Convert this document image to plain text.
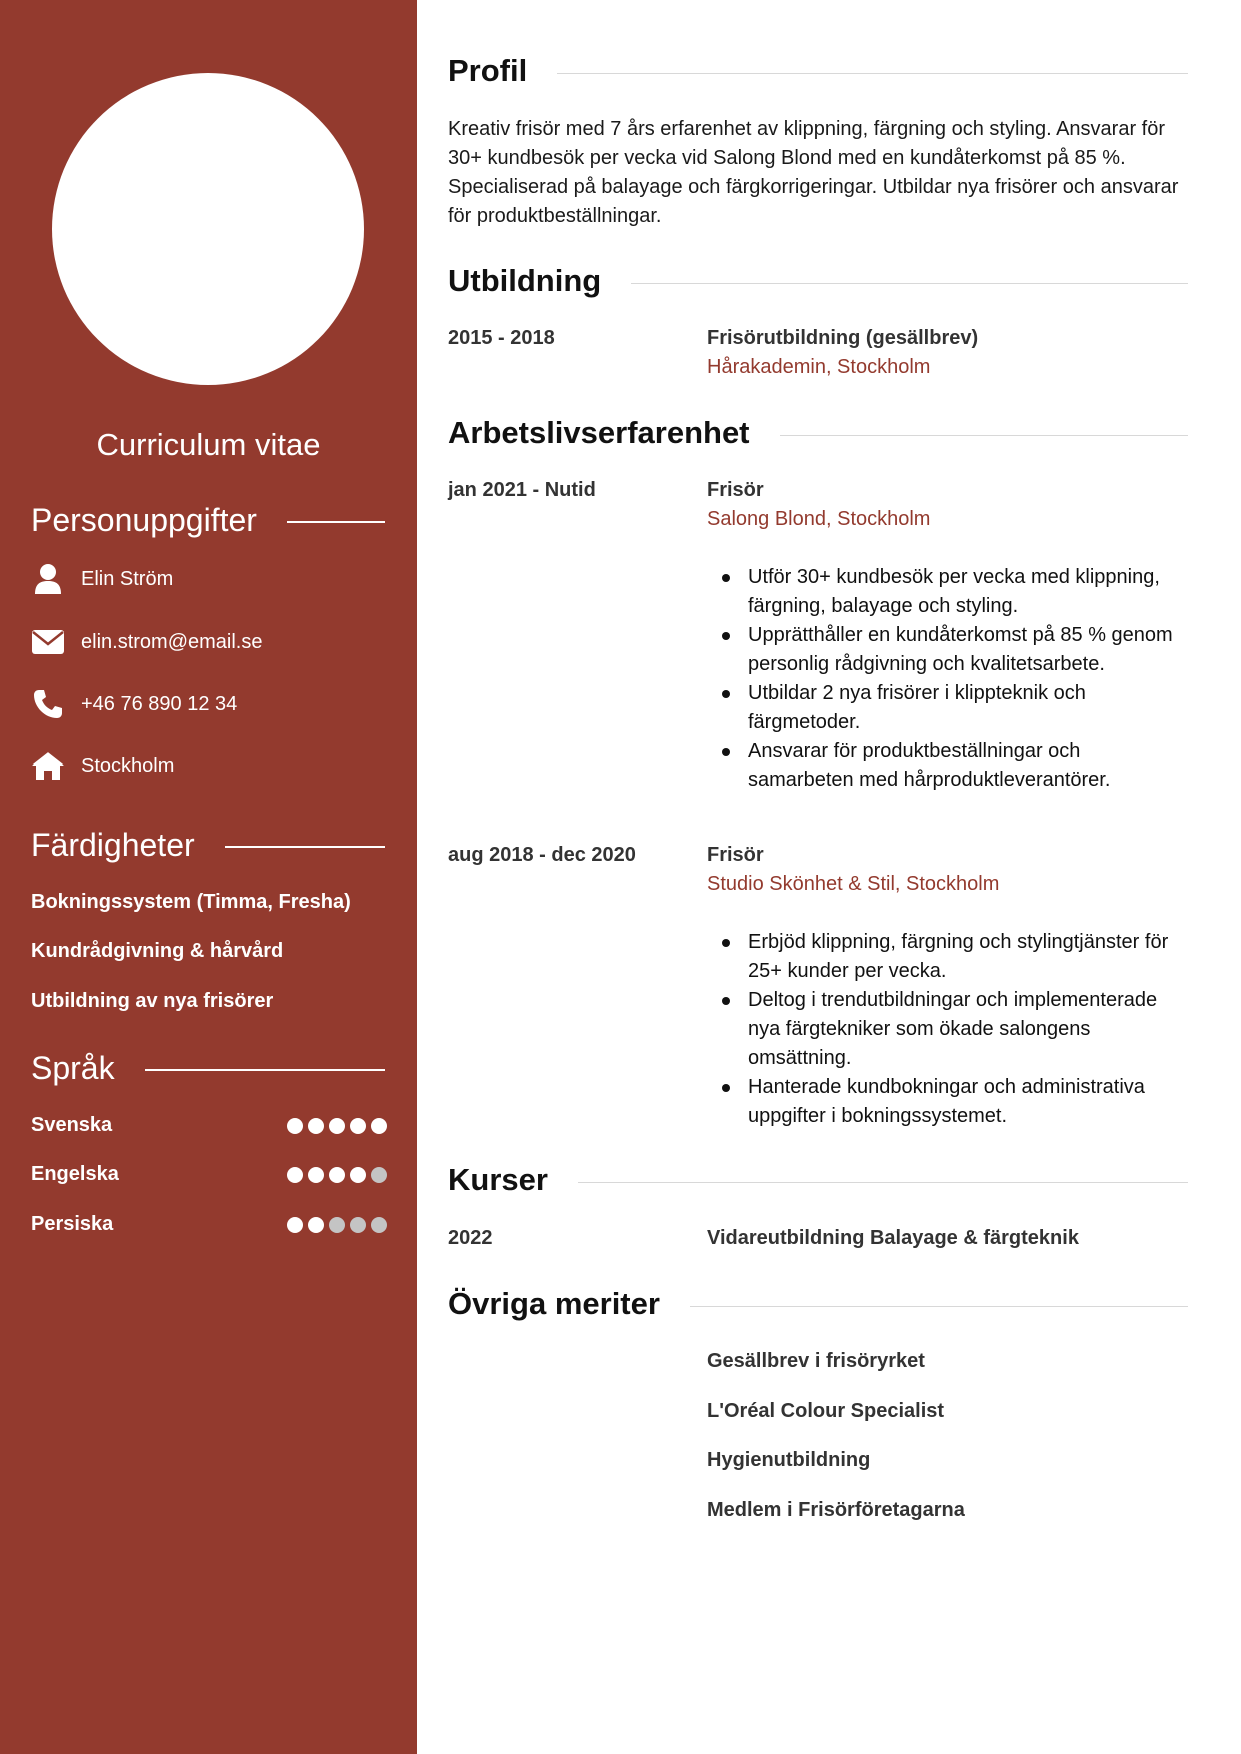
Curriculum vitae
Personuppgifter
Elin Ström
elin.strom@email.se
+46 76 890 12 34
Stockholm
Färdigheter
Bokningssystem (Timma, Fresha)
Kundrådgivning & hårvård
Utbildning av nya frisörer
Språk
Svenska
Engelska
Persiska
Profil

Kreativ frisör med 7 års erfarenhet av klippning, färgning och styling. Ansvarar för 30+ kundbesök per vecka vid Salong Blond med en kundåterkomst på 85 %. Specialiserad på balayage och färgkorrigeringar. Utbildar nya frisörer och ansvarar för produktbeställningar.

Utbildning
2015 - 2018	Frisörutbildning (gesällbrev)
Hårakademin, Stockholm
Arbetslivserfarenhet
jan 2021 - Nutid	Frisör
Salong Blond, Stockholm
Utför 30+ kundbesök per vecka med klippning, färgning, balayage och styling.
Upprätthåller en kundåterkomst på 85 % genom personlig rådgivning och kvalitetsarbete.
Utbildar 2 nya frisörer i klippteknik och färgmetoder.
Ansvarar för produktbeställningar och samarbeten med hårproduktleverantörer.
aug 2018 - dec 2020	Frisör
Studio Skönhet & Stil, Stockholm
Erbjöd klippning, färgning och stylingtjänster för 25+ kunder per vecka.
Deltog i trendutbildningar och implementerade nya färgtekniker som ökade salongens omsättning.
Hanterade kundbokningar och administrativa uppgifter i bokningssystemet.
Kurser
2022	Vidareutbildning Balayage & färgteknik
Övriga meriter
Gesällbrev i frisöryrket
L'Oréal Colour Specialist
Hygienutbildning
Medlem i Frisörföretagarna
